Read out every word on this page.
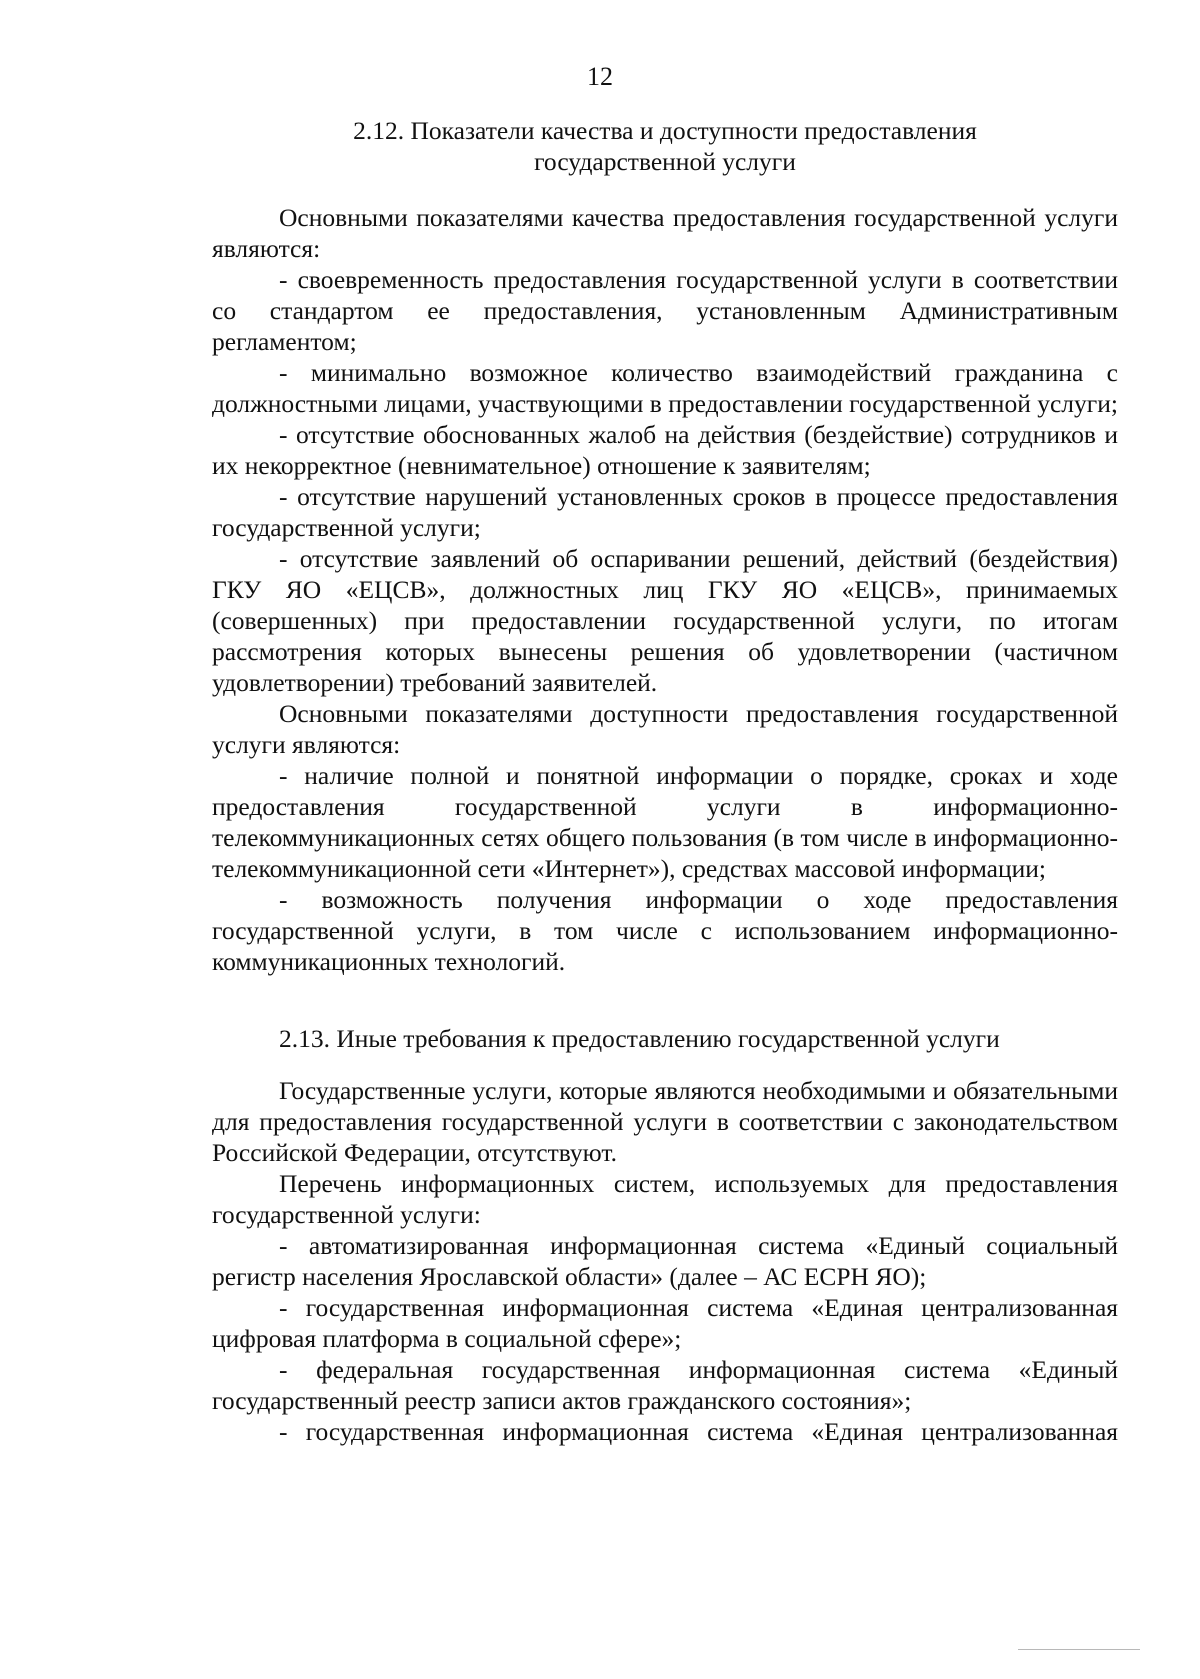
12
2.12. Показатели качества и доступности предоставления
государственной услуги

Основными показателями качества предоставления государственной услуги являются:

- своевременность предоставления государственной услуги в соответствии со стандартом ее предоставления, установленным Административным регламентом;

- минимально возможное количество взаимодействий гражданина с должностными лицами, участвующими в предоставлении государственной услуги;

- отсутствие обоснованных жалоб на действия (бездействие) сотрудников и их некорректное (невнимательное) отношение к заявителям;

- отсутствие нарушений установленных сроков в процессе предоставления государственной услуги;

- отсутствие заявлений об оспаривании решений, действий (бездействия) ГКУ ЯО «ЕЦСВ», должностных лиц ГКУ ЯО «ЕЦСВ», принимаемых (совершенных) при предоставлении государственной услуги, по итогам рассмотрения которых вынесены решения об удовлетворении (частичном удовлетворении) требований заявителей.

Основными показателями доступности предоставления государственной услуги являются:

- наличие полной и понятной информации о порядке, сроках и ходе предоставления государственной услуги в информационно-телекоммуникационных сетях общего пользования (в том числе в информационно-телекоммуникационной сети «Интернет»), средствах массовой информации;

- возможность получения информации о ходе предоставления государственной услуги, в том числе с использованием информационно-коммуникационных технологий.

2.13. Иные требования к предоставлению государственной услуги

Государственные услуги, которые являются необходимыми и обязательными для предоставления государственной услуги в соответствии с законодательством Российской Федерации, отсутствуют.

Перечень информационных систем, используемых для предоставления государственной услуги:

- автоматизированная информационная система «Единый социальный регистр населения Ярославской области» (далее – АС ЕСРН ЯО);

- государственная информационная система «Единая централизованная цифровая платформа в социальной сфере»;

- федеральная государственная информационная система «Единый государственный реестр записи актов гражданского состояния»;

- государственная информационная система «Единая централизованная
